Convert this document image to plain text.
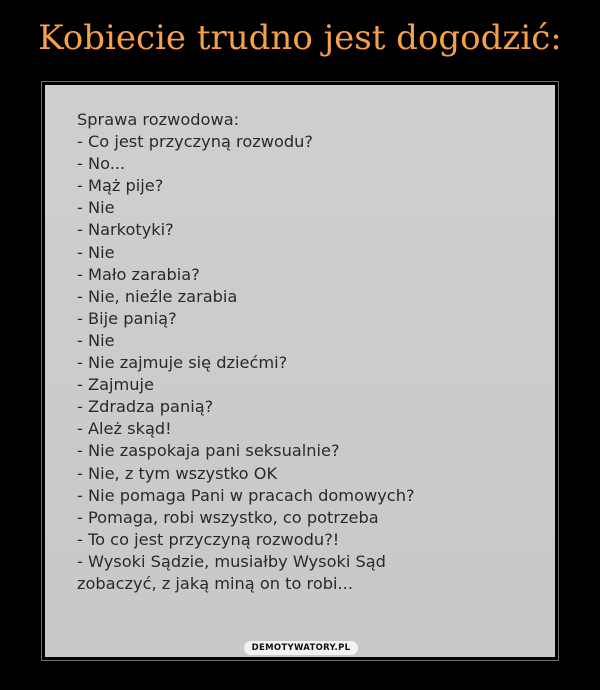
Kobiecie trudno jest dogodzić:
Sprawa rozwodowa:
- Co jest przyczyną rozwodu?
- No...
- Mąż pije?
- Nie
- Narkotyki?
- Nie
- Mało zarabia?
- Nie, nieźle zarabia
- Bije panią?
- Nie
- Nie zajmuje się dziećmi?
- Zajmuje
- Zdradza panią?
- Ależ skąd!
- Nie zaspokaja pani seksualnie?
- Nie, z tym wszystko OK
- Nie pomaga Pani w pracach domowych?
- Pomaga, robi wszystko, co potrzeba
- To co jest przyczyną rozwodu?!
- Wysoki Sądzie, musiałby Wysoki Sąd
zobaczyć, z jaką miną on to robi...
DEMOTYWATORY.PL
